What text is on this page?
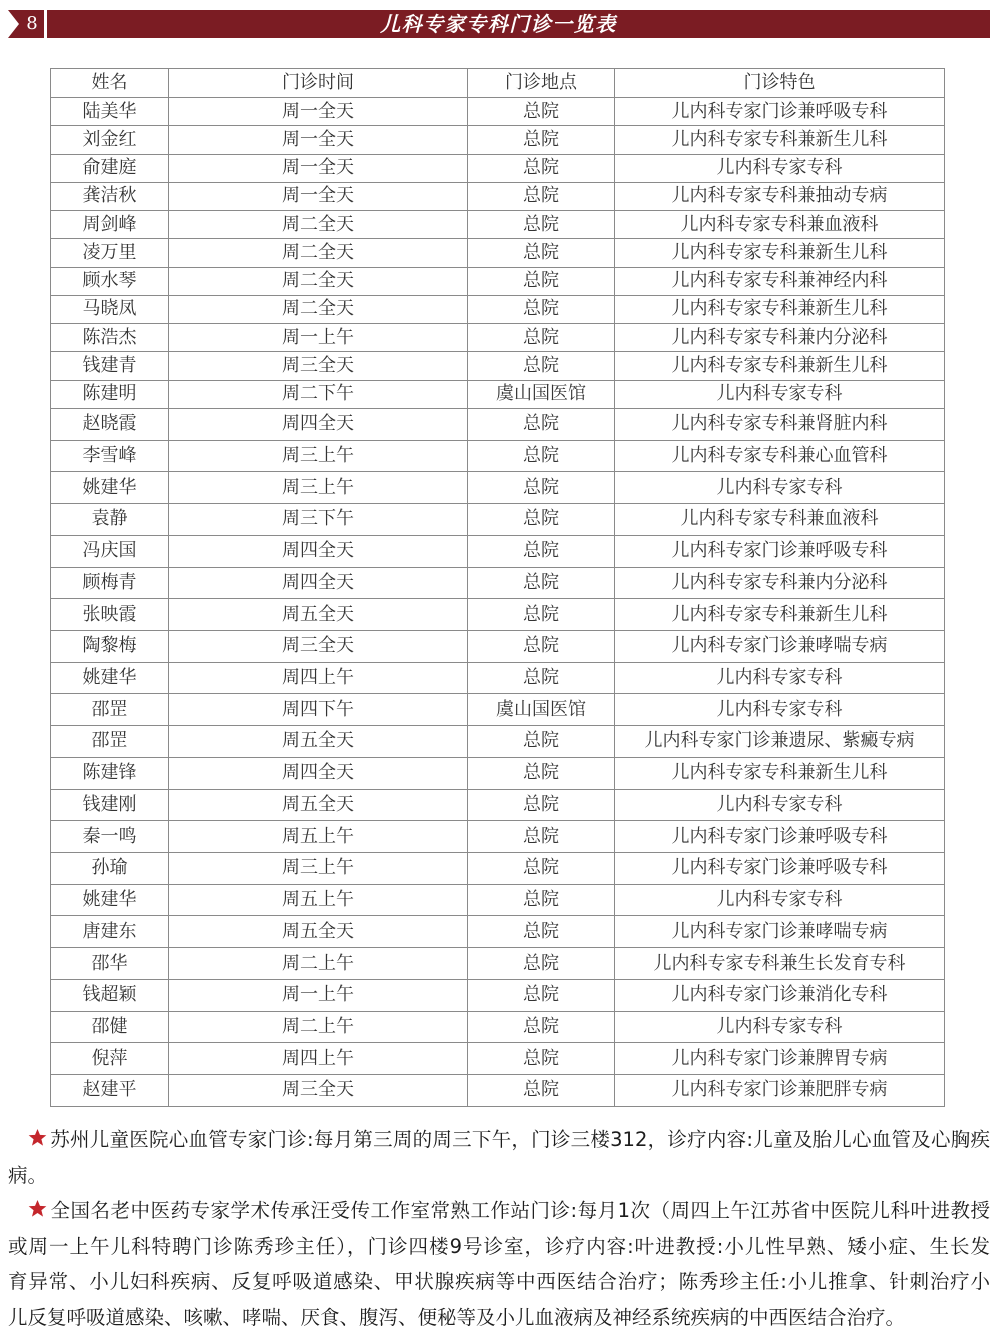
8	儿科专家专科门诊一览表
姓名	门诊时间	门诊地点	门诊特色
陆美华	周一全天	总院	儿内科专家门诊兼呼吸专科
刘金红	周一全天	总院	儿内科专家专科兼新生儿科
俞建庭	周一全天	总院	儿内科专家专科
龚洁秋	周一全天	总院	儿内科专家专科兼抽动专病
周剑峰	周二全天	总院	儿内科专家专科兼血液科
凌万里	周二全天	总院	儿内科专家专科兼新生儿科
顾水琴	周二全天	总院	儿内科专家专科兼神经内科
马晓凤	周二全天	总院	儿内科专家专科兼新生儿科
陈浩杰	周一上午	总院	儿内科专家专科兼内分泌科
钱建青	周三全天	总院	儿内科专家专科兼新生儿科
陈建明	周二下午	虞山国医馆	儿内科专家专科
赵晓霞	周四全天	总院	儿内科专家专科兼肾脏内科
李雪峰	周三上午	总院	儿内科专家专科兼心血管科
姚建华	周三上午	总院	儿内科专家专科
袁静	周三下午	总院	儿内科专家专科兼血液科
冯庆国	周四全天	总院	儿内科专家门诊兼呼吸专科
顾梅青	周四全天	总院	儿内科专家专科兼内分泌科
张映霞	周五全天	总院	儿内科专家专科兼新生儿科
陶黎梅	周三全天	总院	儿内科专家门诊兼哮喘专病
姚建华	周四上午	总院	儿内科专家专科
邵罡	周四下午	虞山国医馆	儿内科专家专科
邵罡	周五全天	总院	儿内科专家门诊兼遗尿、紫癜专病
陈建锋	周四全天	总院	儿内科专家专科兼新生儿科
钱建刚	周五全天	总院	儿内科专家专科
秦一鸣	周五上午	总院	儿内科专家门诊兼呼吸专科
孙瑜	周三上午	总院	儿内科专家门诊兼呼吸专科
姚建华	周五上午	总院	儿内科专家专科
唐建东	周五全天	总院	儿内科专家门诊兼哮喘专病
邵华	周二上午	总院	儿内科专家专科兼生长发育专科
钱超颖	周一上午	总院	儿内科专家门诊兼消化专科
邵健	周二上午	总院	儿内科专家专科
倪萍	周四上午	总院	儿内科专家门诊兼脾胃专病
赵建平	周三全天	总院	儿内科专家门诊兼肥胖专病
苏州儿童医院心血管专家门诊:每月第三周的周三下午，门诊三楼312，诊疗内容:儿童及胎儿心血管及心胸疾
病。
全国名老中医药专家学术传承汪受传工作室常熟工作站门诊:每月1次（周四上午江苏省中医院儿科叶进教授
或周一上午儿科特聘门诊陈秀珍主任），门诊四楼9号诊室，诊疗内容:叶进教授:小儿性早熟、矮小症、生长发
育异常、小儿妇科疾病、反复呼吸道感染、甲状腺疾病等中西医结合治疗；陈秀珍主任:小儿推拿、针刺治疗小
儿反复呼吸道感染、咳嗽、哮喘、厌食、腹泻、便秘等及小儿血液病及神经系统疾病的中西医结合治疗。
